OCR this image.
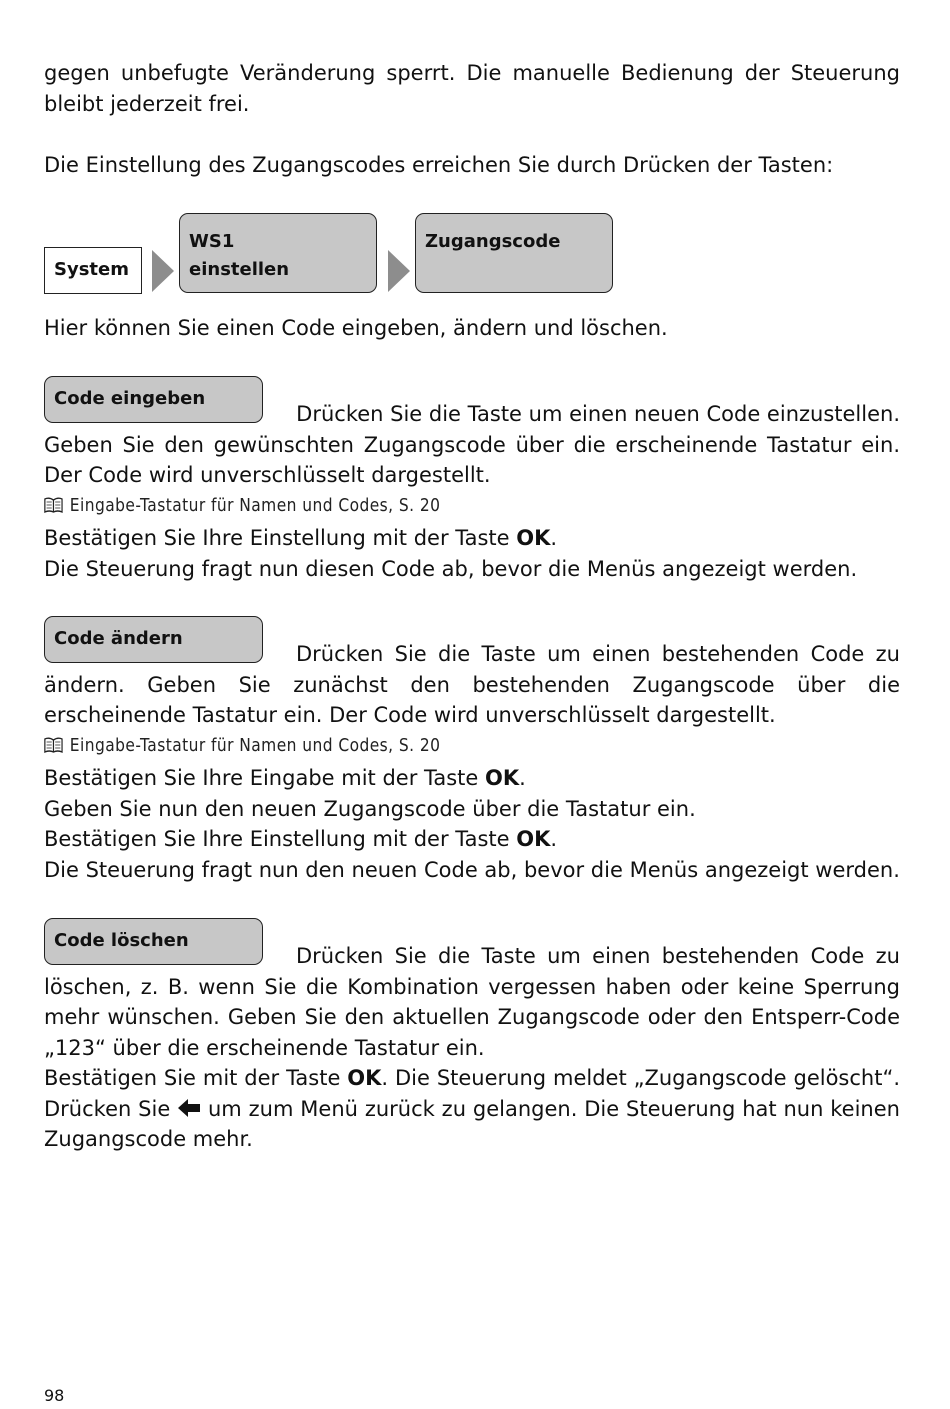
gegen unbefugte Veränderung sperrt. Die manuelle Bedienung der Steuerung
bleibt jederzeit frei.

Die Einstellung des Zugangscodes erreichen Sie durch Drücken der Tasten:

System
WS1
einstellen
Zugangscode

Hier können Sie einen Code eingeben, ändern und löschen.

Code eingeben

Drücken Sie die Taste um einen neuen Code einzustellen.
Geben Sie den gewünschten Zugangscode über die erscheinende Tastatur ein.
Der Code wird unverschlüsselt dargestellt.

Eingabe-Tastatur für Namen und Codes, S. 20

Bestätigen Sie Ihre Einstellung mit der Taste OK.
Die Steuerung fragt nun diesen Code ab, bevor die Menüs angezeigt werden.

Code ändern

Drücken Sie die Taste um einen bestehenden Code zu
ändern. Geben Sie zunächst den bestehenden Zugangscode über die
erscheinende Tastatur ein. Der Code wird unverschlüsselt dargestellt.

Eingabe-Tastatur für Namen und Codes, S. 20

Bestätigen Sie Ihre Eingabe mit der Taste OK.
Geben Sie nun den neuen Zugangscode über die Tastatur ein.
Bestätigen Sie Ihre Einstellung mit der Taste OK.
Die Steuerung fragt nun den neuen Code ab, bevor die Menüs angezeigt werden.

Code löschen

Drücken Sie die Taste um einen bestehenden Code zu
löschen, z. B. wenn Sie die Kombination vergessen haben oder keine Sperrung
mehr wünschen. Geben Sie den aktuellen Zugangscode oder den Entsperr-Code
„123“ über die erscheinende Tastatur ein.
Bestätigen Sie mit der Taste OK. Die Steuerung meldet „Zugangscode gelöscht“.
Drücken Sie  um zum Menü zurück zu gelangen. Die Steuerung hat nun keinen
Zugangscode mehr.

98
